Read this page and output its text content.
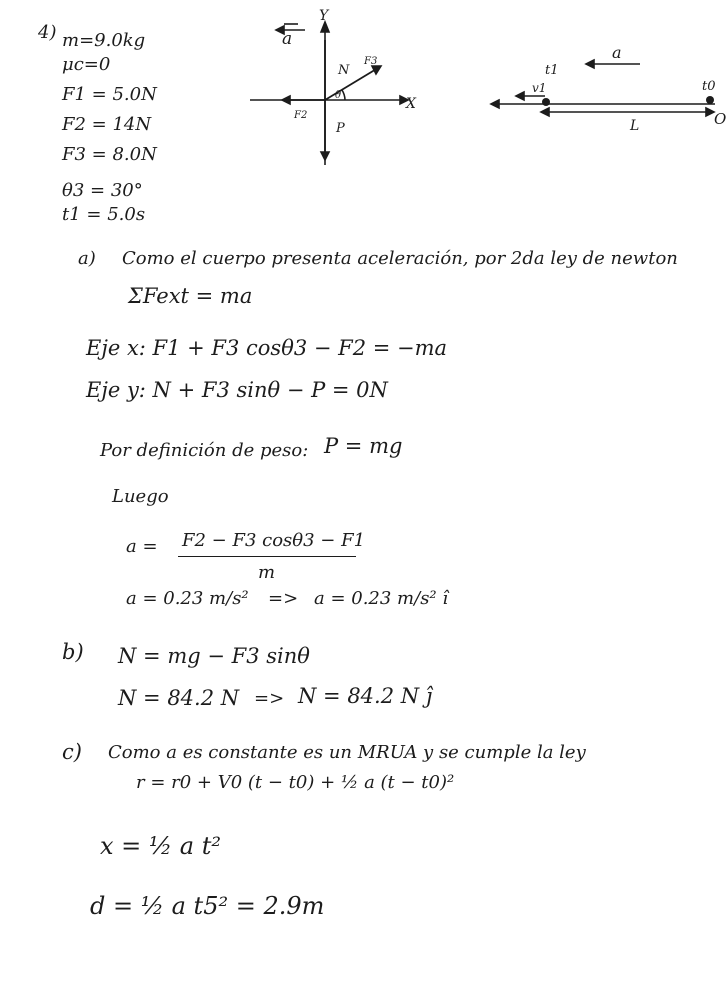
4) m=9.0kg
μc=0
F1 = 5.0N
F2 = 14N
F3 = 8.0N
θ3 = 30°
t1 = 5.0s
a
Y
X
N
F3
F2
P
θ
a
t1
v1	t0
L	O
a) Como el cuerpo presenta aceleración, por 2da ley de newton
ΣFext = ma
Eje x: F1 + F3 cosθ3 − F2 = −ma
Eje y: N + F3 sinθ − P = 0N
Por definición de peso: P = mg
Luego
a = F2 − F3 cosθ3 − F1
m
a = 0.23 m/s² => a = 0.23 m/s² î
b) N = mg − F3 sinθ
N = 84.2 N => N = 84.2 N ĵ
c) Como a es constante es un MRUA y se cumple la ley
r = r0 + V0 (t − t0) + ½ a (t − t0)²
x = ½ a t²
d = ½ a t5² = 2.9m
